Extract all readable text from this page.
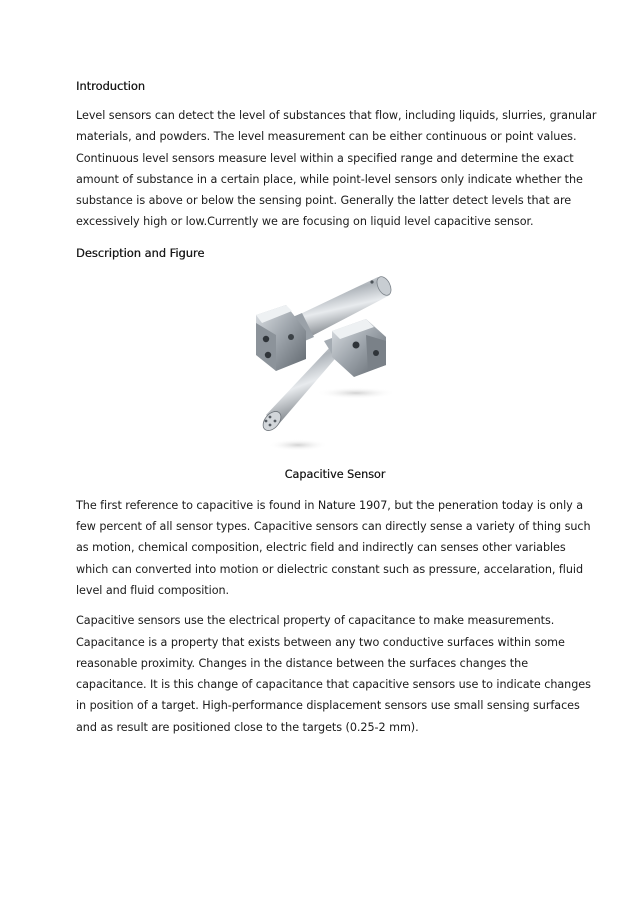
Introduction

Level sensors can detect the level of substances that flow, including liquids, slurries, granular
materials, and powders. The level measurement can be either continuous or point values.
Continuous level sensors measure level within a specified range and determine the exact
amount of substance in a certain place, while point-level sensors only indicate whether the
substance is above or below the sensing point. Generally the latter detect levels that are
excessively high or low.Currently we are focusing on liquid level capacitive sensor.

Description and Figure
Capacitive Sensor

The first reference to capacitive is found in Nature 1907, but the peneration today is only a
few percent of all sensor types. Capacitive sensors can directly sense a variety of thing such
as motion, chemical composition, electric field and indirectly can senses other variables
which can converted into motion or dielectric constant such as pressure, accelaration, fluid
level and fluid composition.

Capacitive sensors use the electrical property of capacitance to make measurements.
Capacitance is a property that exists between any two conductive surfaces within some
reasonable proximity. Changes in the distance between the surfaces changes the
capacitance. It is this change of capacitance that capacitive sensors use to indicate changes
in position of a target. High-performance displacement sensors use small sensing surfaces
and as result are positioned close to the targets (0.25-2 mm).
